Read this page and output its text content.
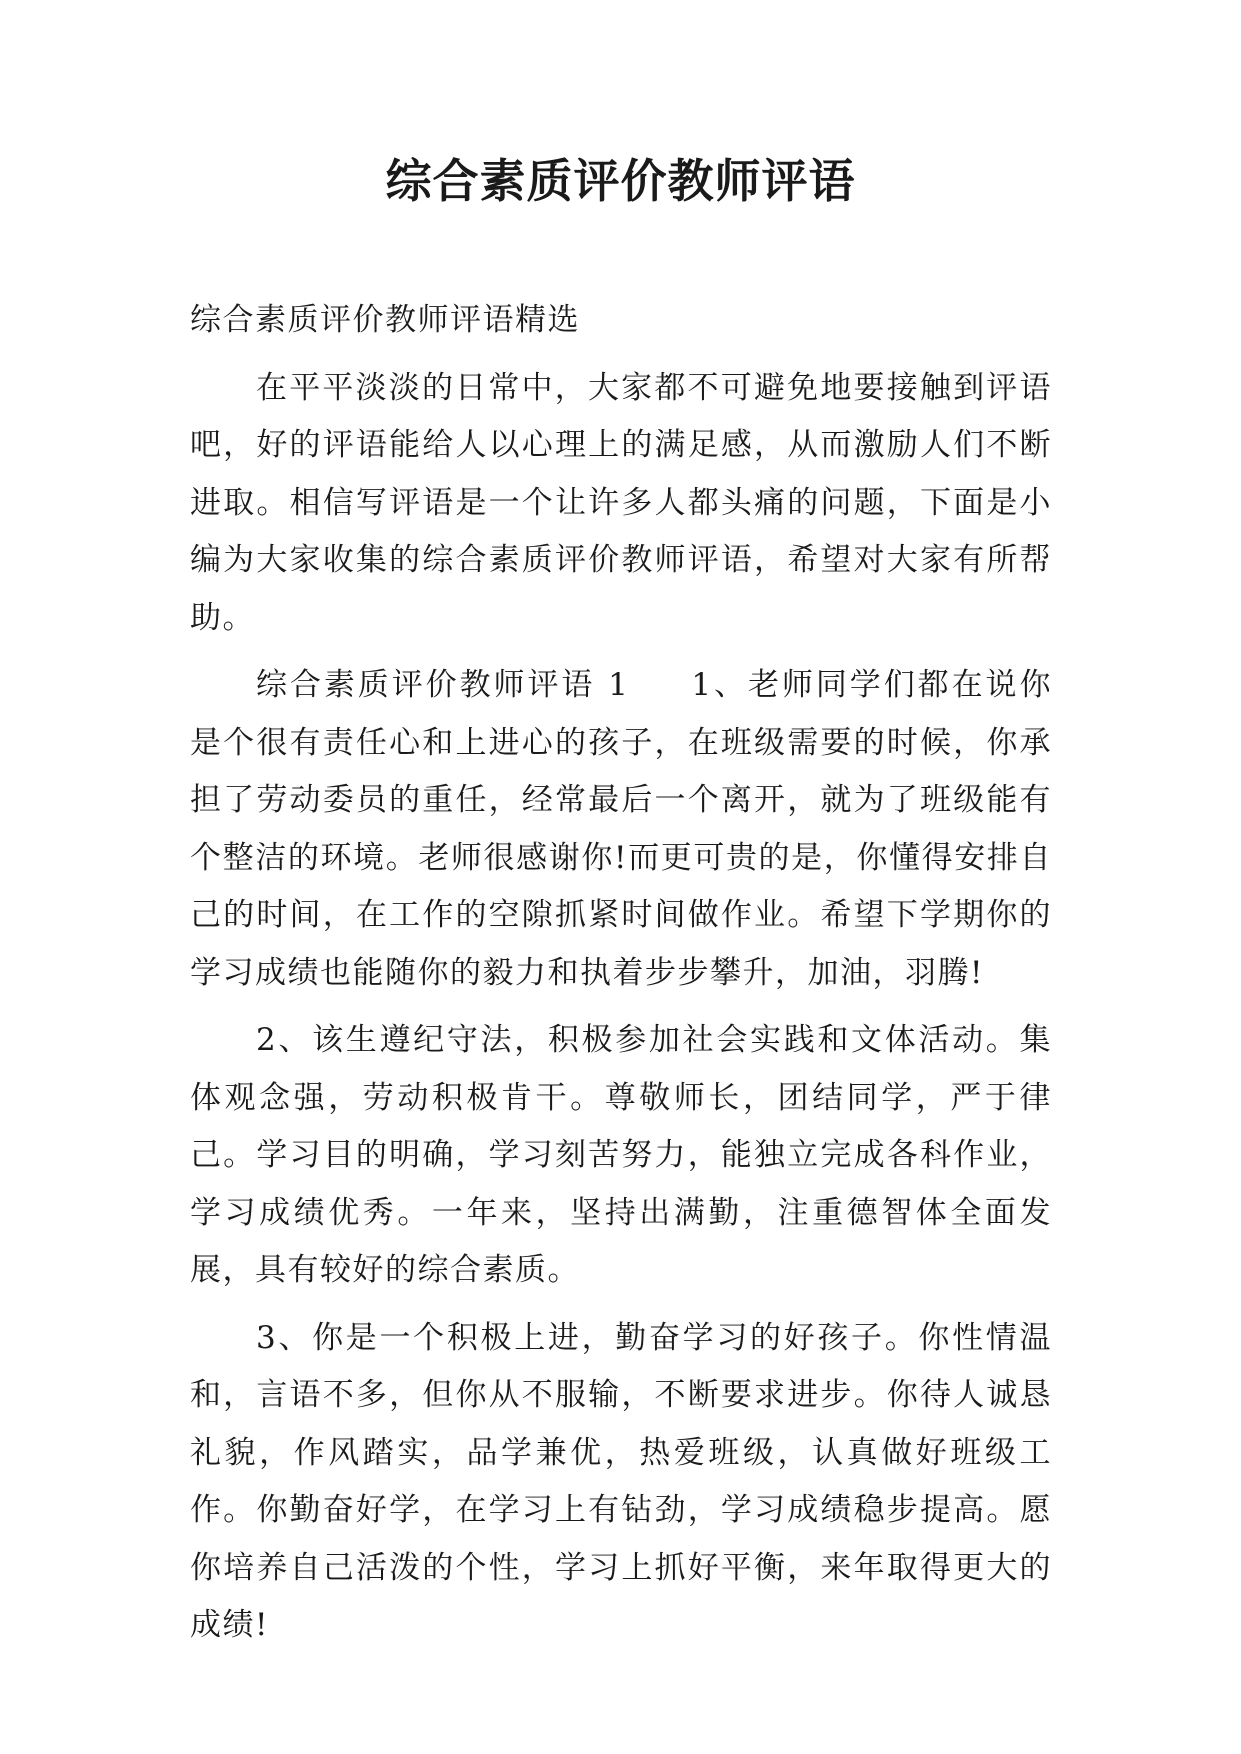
综合素质评价教师评语

综合素质评价教师评语精选

在平平淡淡的日常中，大家都不可避免地要接触到评语吧，好的评语能给人以心理上的满足感，从而激励人们不断进取。相信写评语是一个让许多人都头痛的问题，下面是小编为大家收集的综合素质评价教师评语，希望对大家有所帮助。

综合素质评价教师评语 1 1、老师同学们都在说你是个很有责任心和上进心的孩子，在班级需要的时候，你承担了劳动委员的重任，经常最后一个离开，就为了班级能有个整洁的环境。老师很感谢你!而更可贵的是，你懂得安排自己的时间，在工作的空隙抓紧时间做作业。希望下学期你的学习成绩也能随你的毅力和执着步步攀升，加油，羽腾!

2、该生遵纪守法，积极参加社会实践和文体活动。集体观念强，劳动积极肯干。尊敬师长，团结同学，严于律己。学习目的明确，学习刻苦努力，能独立完成各科作业，学习成绩优秀。一年来，坚持出满勤，注重德智体全面发展，具有较好的综合素质。

3、你是一个积极上进，勤奋学习的好孩子。你性情温和，言语不多，但你从不服输，不断要求进步。你待人诚恳礼貌，作风踏实，品学兼优，热爱班级，认真做好班级工作。你勤奋好学，在学习上有钻劲，学习成绩稳步提高。愿你培养自己活泼的个性，学习上抓好平衡，来年取得更大的成绩!
